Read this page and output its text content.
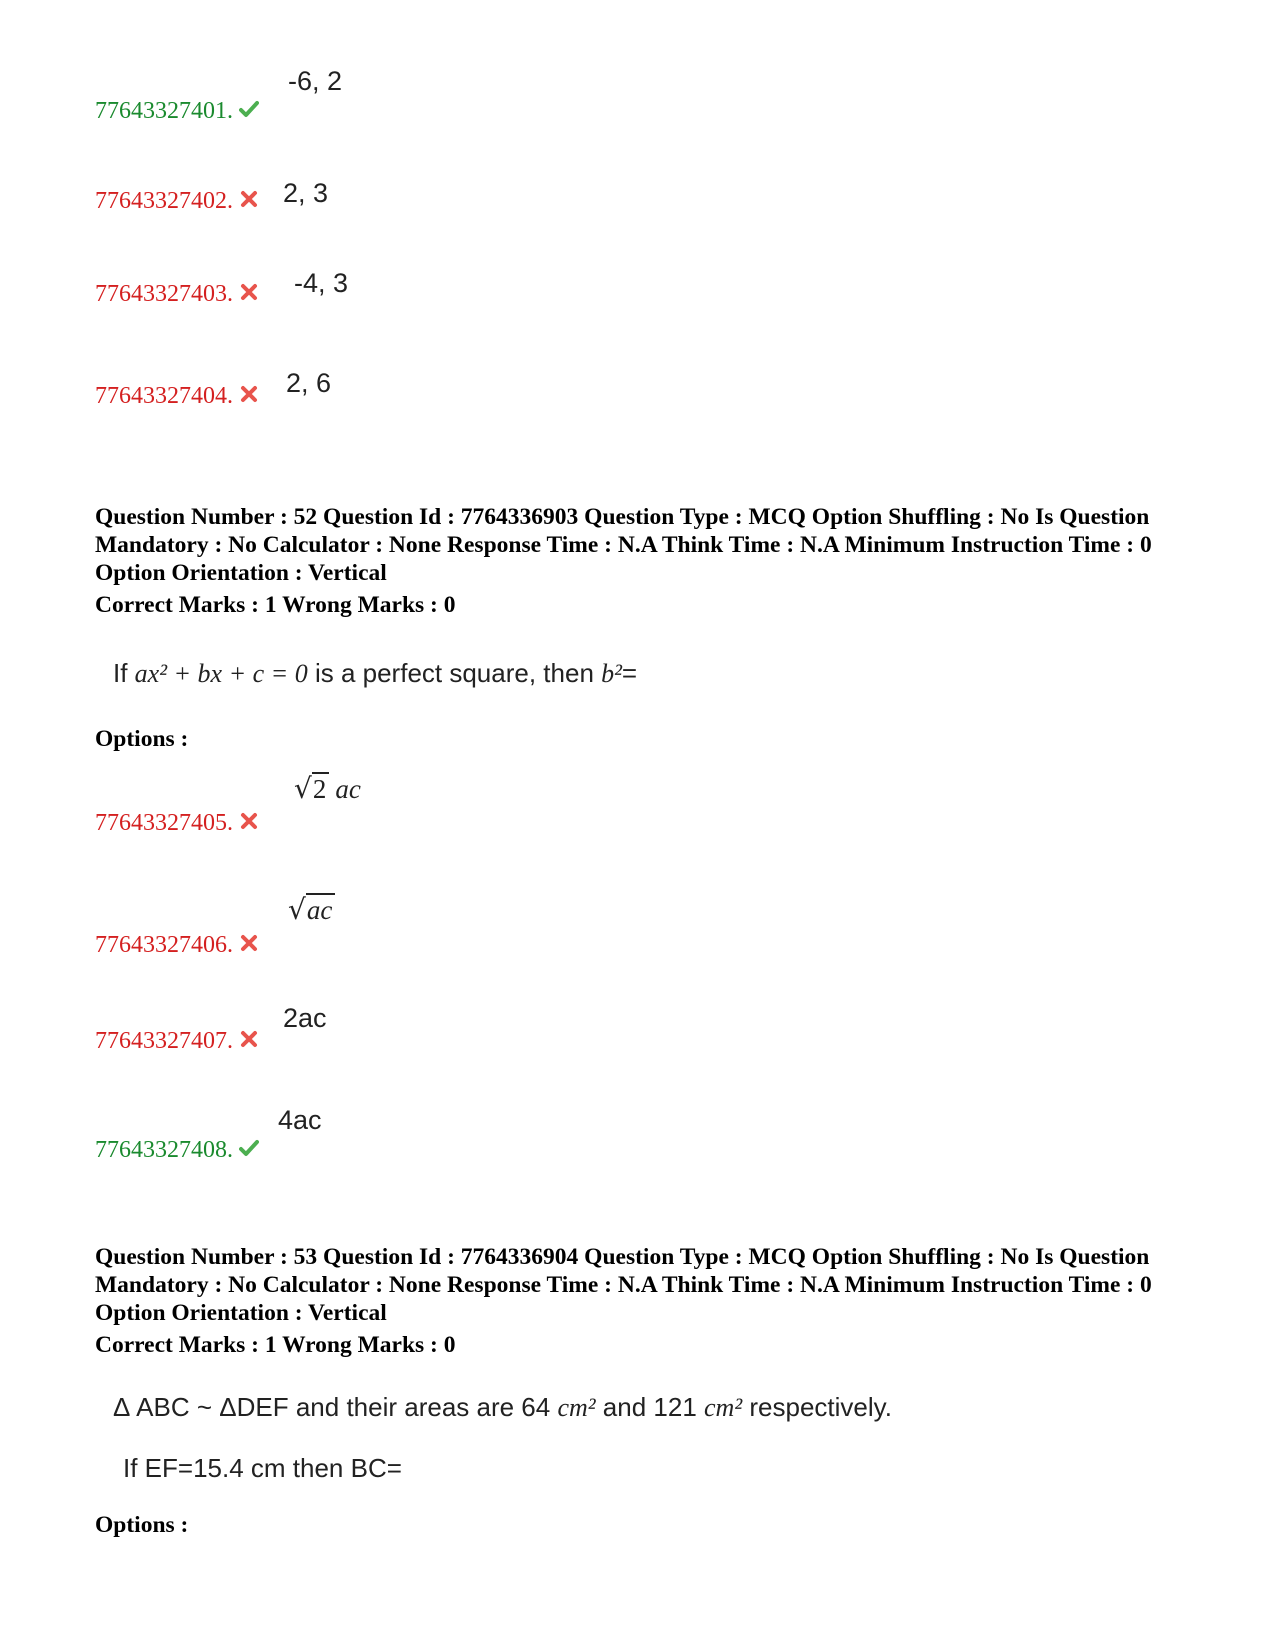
77643327401.
-6, 2
77643327402.	2, 3
77643327403.	-4, 3
77643327404.	2, 6
Question Number : 52 Question Id : 7764336903 Question Type : MCQ Option Shuffling : No Is Question Mandatory : No Calculator : None Response Time : N.A Think Time : N.A Minimum Instruction Time : 0 Option Orientation : Vertical
Correct Marks : 1 Wrong Marks : 0
If ax² + bx + c = 0 is a perfect square, then b²=
Options :
77643327405.
√2 ac
77643327406.
√ac
77643327407.
2ac
77643327408.
4ac
Question Number : 53 Question Id : 7764336904 Question Type : MCQ Option Shuffling : No Is Question Mandatory : No Calculator : None Response Time : N.A Think Time : N.A Minimum Instruction Time : 0 Option Orientation : Vertical
Correct Marks : 1 Wrong Marks : 0
Δ ABC ~ ΔDEF and their areas are 64 cm² and 121 cm² respectively.
If EF=15.4 cm then BC=
Options :
